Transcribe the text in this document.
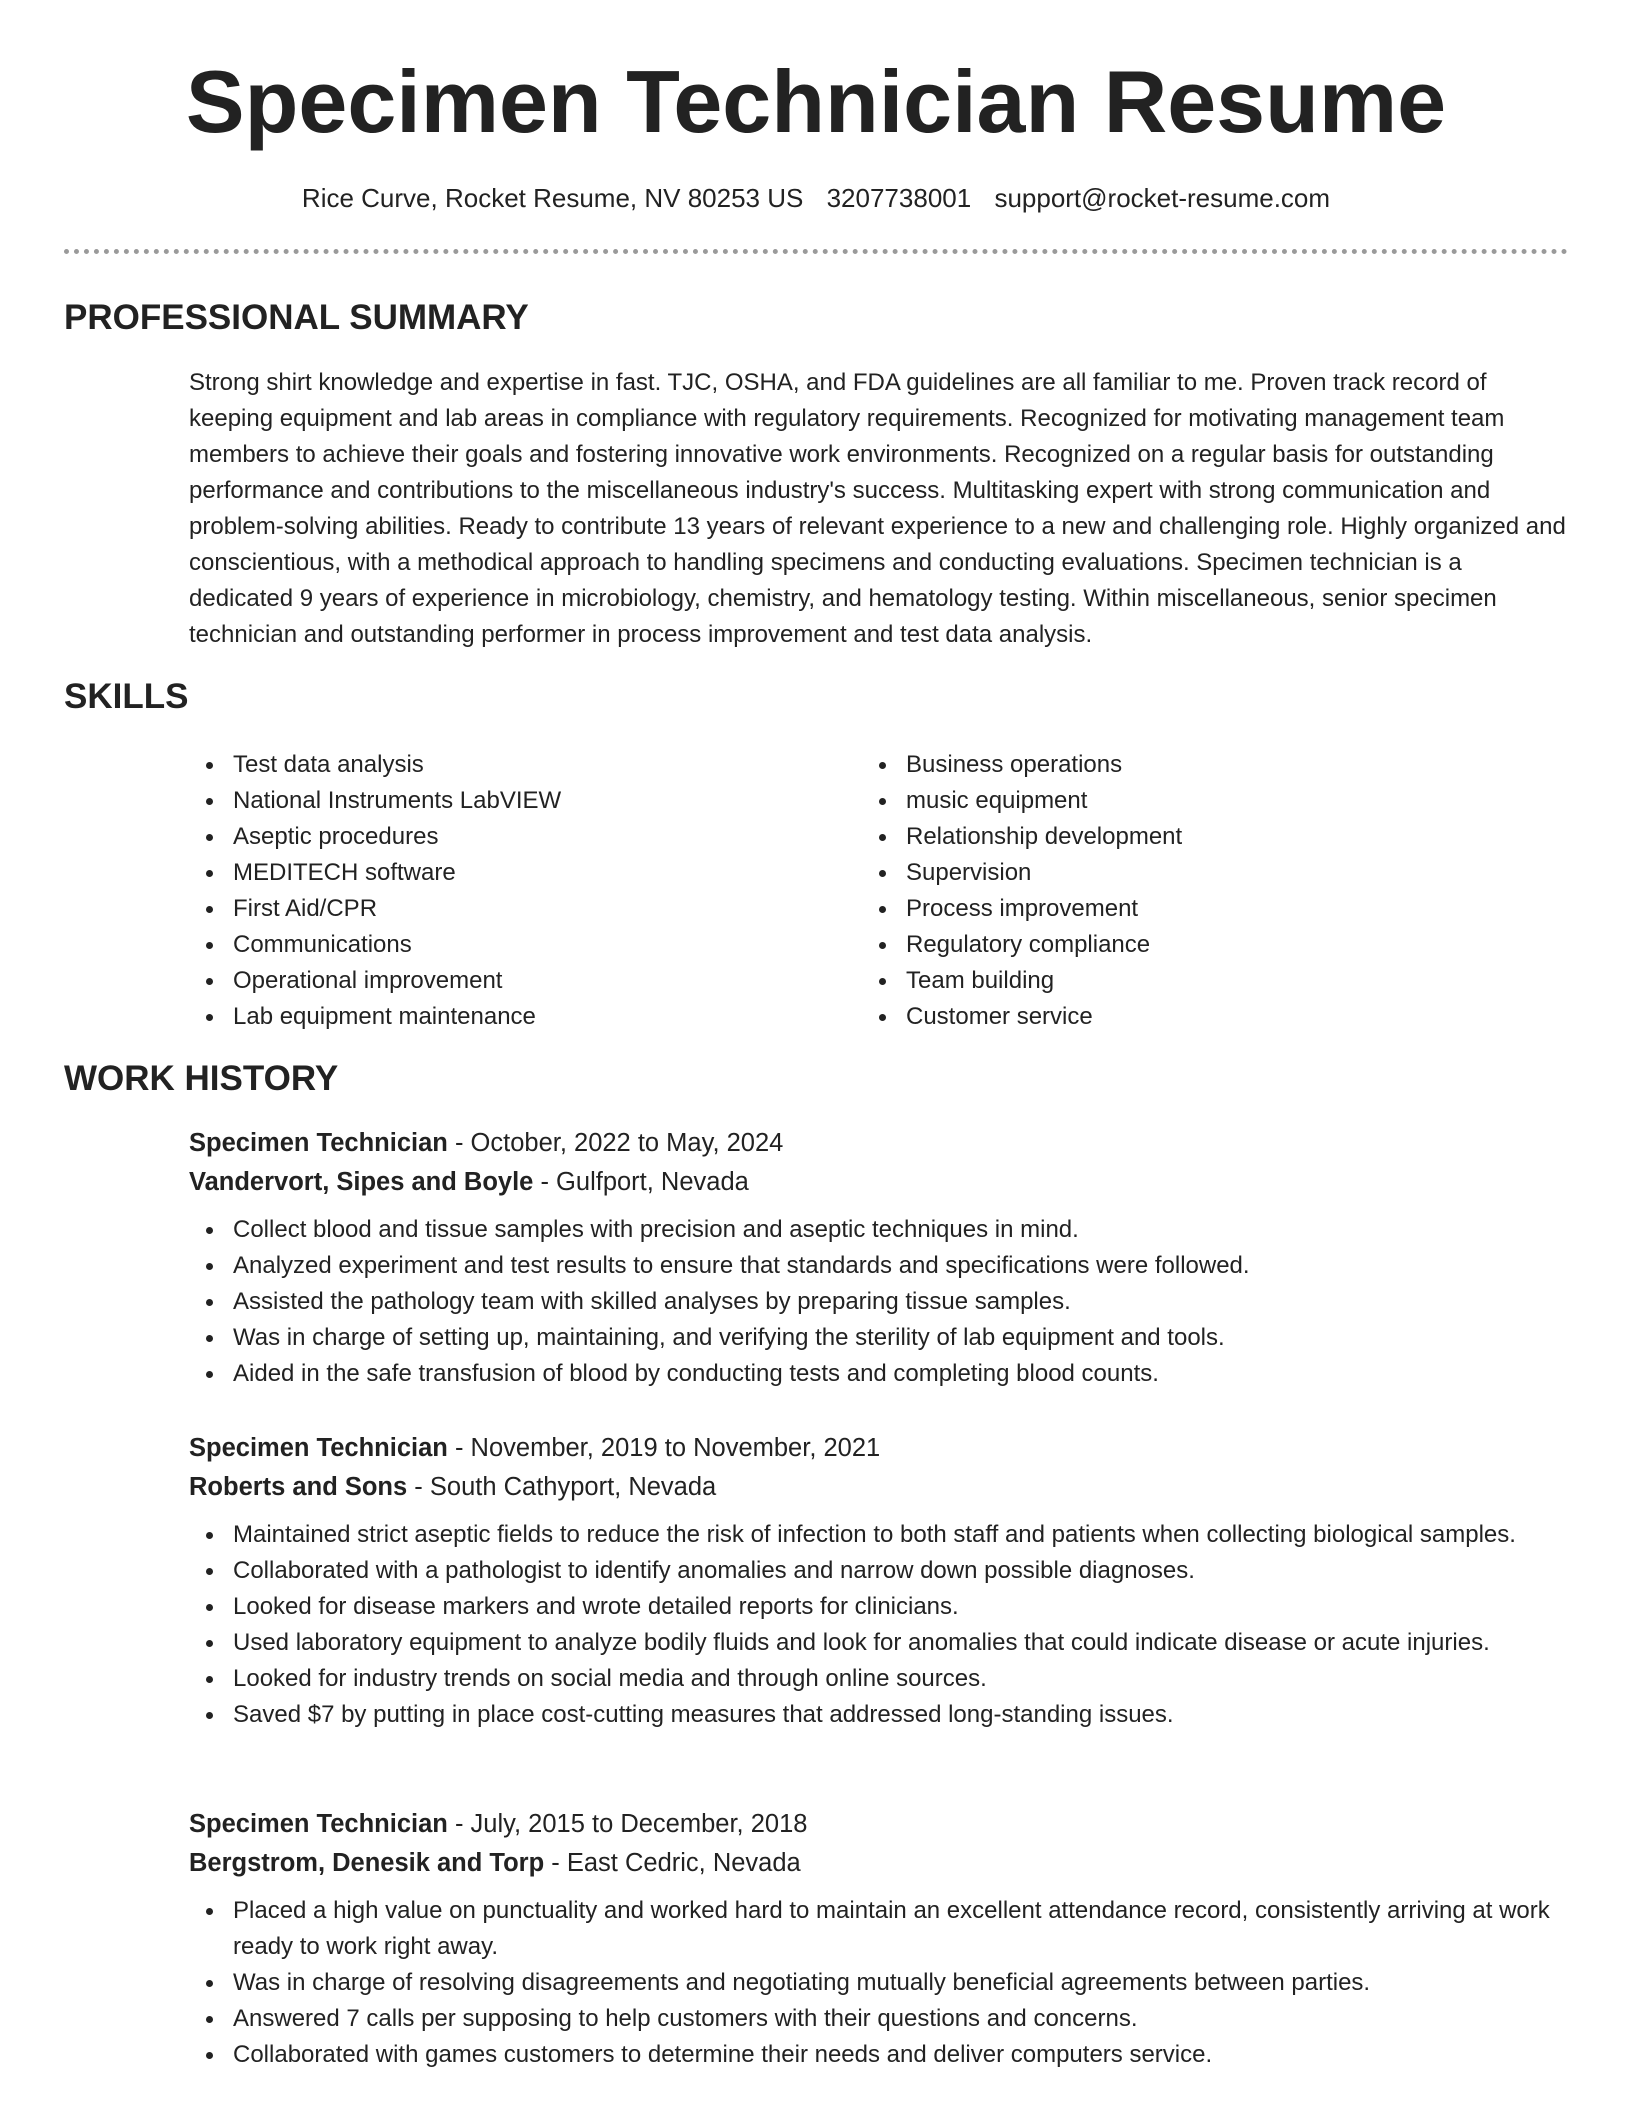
Specimen Technician Resume
Rice Curve, Rocket Resume, NV 80253 US 3207738001 support@rocket-resume.com
PROFESSIONAL SUMMARY
Strong shirt knowledge and expertise in fast. TJC, OSHA, and FDA guidelines are all familiar to me. Proven track record of keeping equipment and lab areas in compliance with regulatory requirements. Recognized for motivating management team members to achieve their goals and fostering innovative work environments. Recognized on a regular basis for outstanding performance and contributions to the miscellaneous industry's success. Multitasking expert with strong communication and problem-solving abilities. Ready to contribute 13 years of relevant experience to a new and challenging role. Highly organized and conscientious, with a methodical approach to handling specimens and conducting evaluations. Specimen technician is a dedicated 9 years of experience in microbiology, chemistry, and hematology testing. Within miscellaneous, senior specimen technician and outstanding performer in process improvement and test data analysis.
SKILLS
Test data analysis
National Instruments LabVIEW
Aseptic procedures
MEDITECH software
First Aid/CPR
Communications
Operational improvement
Lab equipment maintenance
Business operations
music equipment
Relationship development
Supervision
Process improvement
Regulatory compliance
Team building
Customer service
WORK HISTORY
Specimen Technician - October, 2022 to May, 2024
Vandervort, Sipes and Boyle - Gulfport, Nevada
Collect blood and tissue samples with precision and aseptic techniques in mind.
Analyzed experiment and test results to ensure that standards and specifications were followed.
Assisted the pathology team with skilled analyses by preparing tissue samples.
Was in charge of setting up, maintaining, and verifying the sterility of lab equipment and tools.
Aided in the safe transfusion of blood by conducting tests and completing blood counts.
Specimen Technician - November, 2019 to November, 2021
Roberts and Sons - South Cathyport, Nevada
Maintained strict aseptic fields to reduce the risk of infection to both staff and patients when collecting biological samples.
Collaborated with a pathologist to identify anomalies and narrow down possible diagnoses.
Looked for disease markers and wrote detailed reports for clinicians.
Used laboratory equipment to analyze bodily fluids and look for anomalies that could indicate disease or acute injuries.
Looked for industry trends on social media and through online sources.
Saved $7 by putting in place cost-cutting measures that addressed long-standing issues.
Specimen Technician - July, 2015 to December, 2018
Bergstrom, Denesik and Torp - East Cedric, Nevada
Placed a high value on punctuality and worked hard to maintain an excellent attendance record, consistently arriving at work ready to work right away.
Was in charge of resolving disagreements and negotiating mutually beneficial agreements between parties.
Answered 7 calls per supposing to help customers with their questions and concerns.
Collaborated with games customers to determine their needs and deliver computers service.
